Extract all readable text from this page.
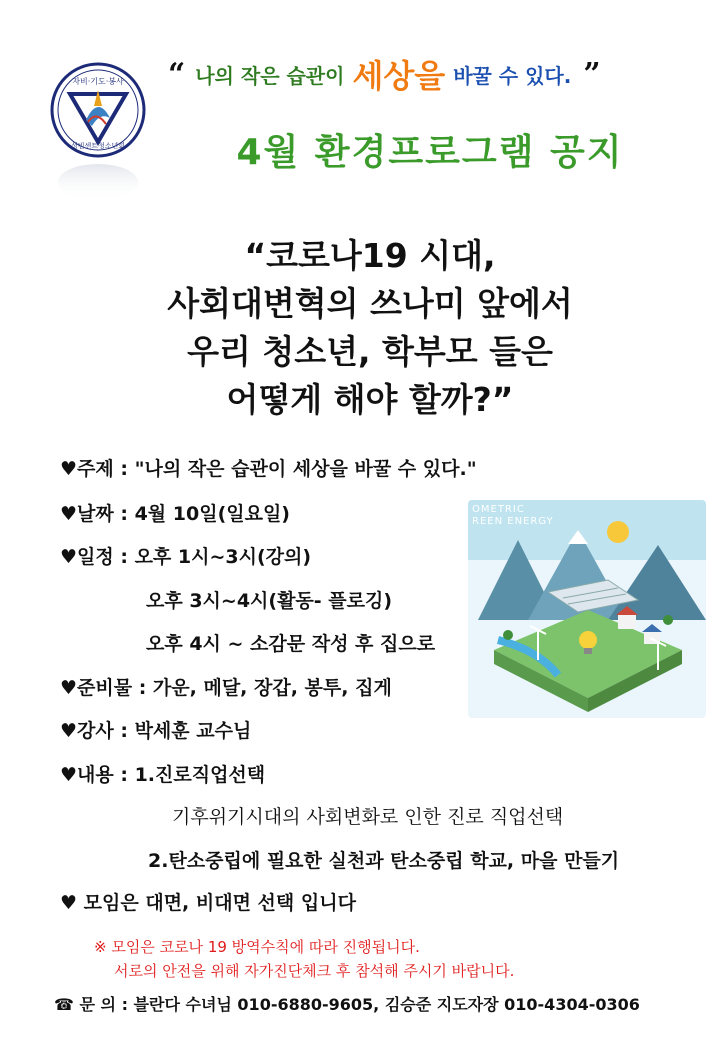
자비·기도·봉사
성빈센트청소년회
“ 나의 작은 습관이 세상을 바꿀 수 있다. ”
4월 환경프로그램 공지
“코로나19 시대,
사회대변혁의 쓰나미 앞에서
우리 청소년, 학부모 들은
어떻게 해야 할까?”
♥주제 : "나의 작은 습관이 세상을 바꿀 수 있다."
♥날짜 : 4월 10일(일요일)
♥일정 : 오후 1시~3시(강의)
오후 3시~4시(활동- 플로깅)
오후 4시 ~ 소감문 작성 후 집으로
♥준비물 : 가운, 메달, 장갑, 봉투, 집게
♥강사 : 박세훈 교수님
♥내용 : 1.진로직업선택
기후위기시대의 사회변화로 인한 진로 직업선택
2.탄소중립에 필요한 실천과 탄소중립 학교, 마을 만들기
♥ 모임은 대면, 비대면 선택 입니다
OMETRIC
REEN ENERGY
※ 모임은 코로나 19 방역수칙에 따라 진행됩니다.
서로의 안전을 위해 자가진단체크 후 참석해 주시기 바랍니다.
☎ 문 의 : 블란다 수녀님 010-6880-9605, 김승준 지도자장 010-4304-0306
